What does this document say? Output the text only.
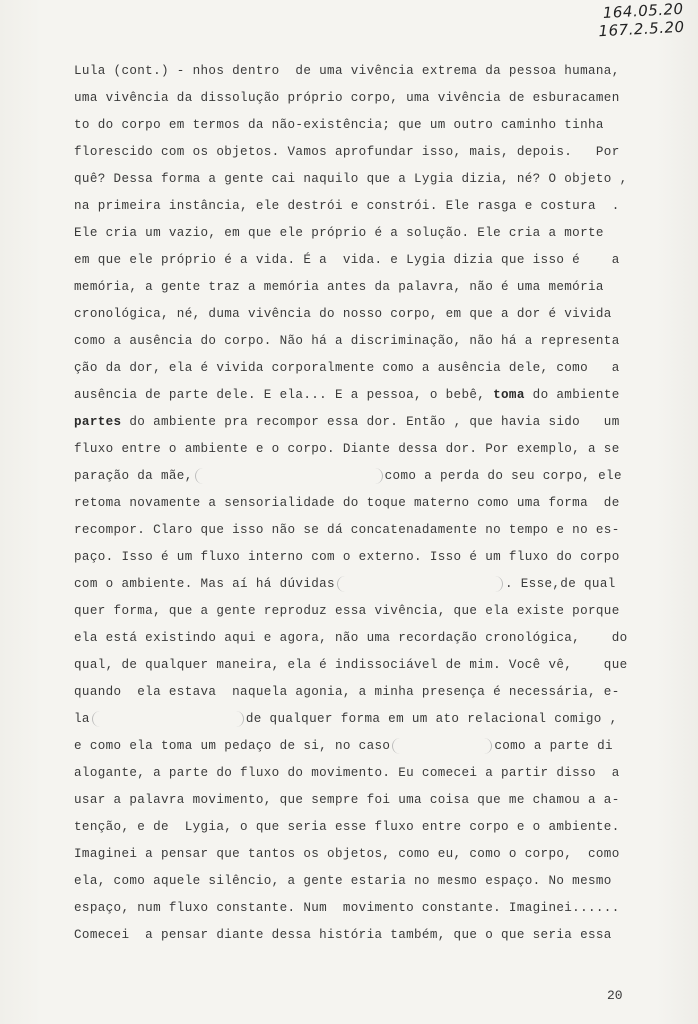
164.05.20
167.2.5.20
Lula (cont.) - nhos dentro  de uma vivência extrema da pessoa humana,
uma vivência da dissolução próprio corpo, uma vivência de esburacamen
to do corpo em termos da não-existência; que um outro caminho tinha
florescido com os objetos. Vamos aprofundar isso, mais, depois.   Por
quê? Dessa forma a gente cai naquilo que a Lygia dizia, né? O objeto ,
na primeira instância, ele destrói e constrói. Ele rasga e costura  .
Ele cria um vazio, em que ele próprio é a solução. Ele cria a morte
em que ele próprio é a vida. É a  vida. e Lygia dizia que isso é    a
memória, a gente traz a memória antes da palavra, não é uma memória
cronológica, né, duma vivência do nosso corpo, em que a dor é vivida
como a ausência do corpo. Não há a discriminação, não há a representa
ção da dor, ela é vivida corporalmente como a ausência dele, como   a
ausência de parte dele. E ela... E a pessoa, o bebê, toma do ambiente
partes do ambiente pra recompor essa dor. Então , que havia sido   um
fluxo entre o ambiente e o corpo. Diante dessa dor. Por exemplo, a se
paração da mãe,	como a perda do seu corpo, ele
retoma novamente a sensorialidade do toque materno como uma forma  de
recompor. Claro que isso não se dá concatenadamente no tempo e no es-
paço. Isso é um fluxo interno com o externo. Isso é um fluxo do corpo
com o ambiente. Mas aí há dúvidas	. Esse,de qual
quer forma, que a gente reproduz essa vivência, que ela existe porque
ela está existindo aqui e agora, não uma recordação cronológica,    do
qual, de qualquer maneira, ela é indissociável de mim. Você vê,    que
quando  ela estava  naquela agonia, a minha presença é necessária, e-
la	de qualquer forma em um ato relacional comigo ,
e como ela toma um pedaço de si, no caso	como a parte di
alogante, a parte do fluxo do movimento. Eu comecei a partir disso  a
usar a palavra movimento, que sempre foi uma coisa que me chamou a a-
tenção, e de  Lygia, o que seria esse fluxo entre corpo e o ambiente.
Imaginei a pensar que tantos os objetos, como eu, como o corpo,  como
ela, como aquele silêncio, a gente estaria no mesmo espaço. No mesmo
espaço, num fluxo constante. Num  movimento constante. Imaginei......
Comecei  a pensar diante dessa história também, que o que seria essa
20
